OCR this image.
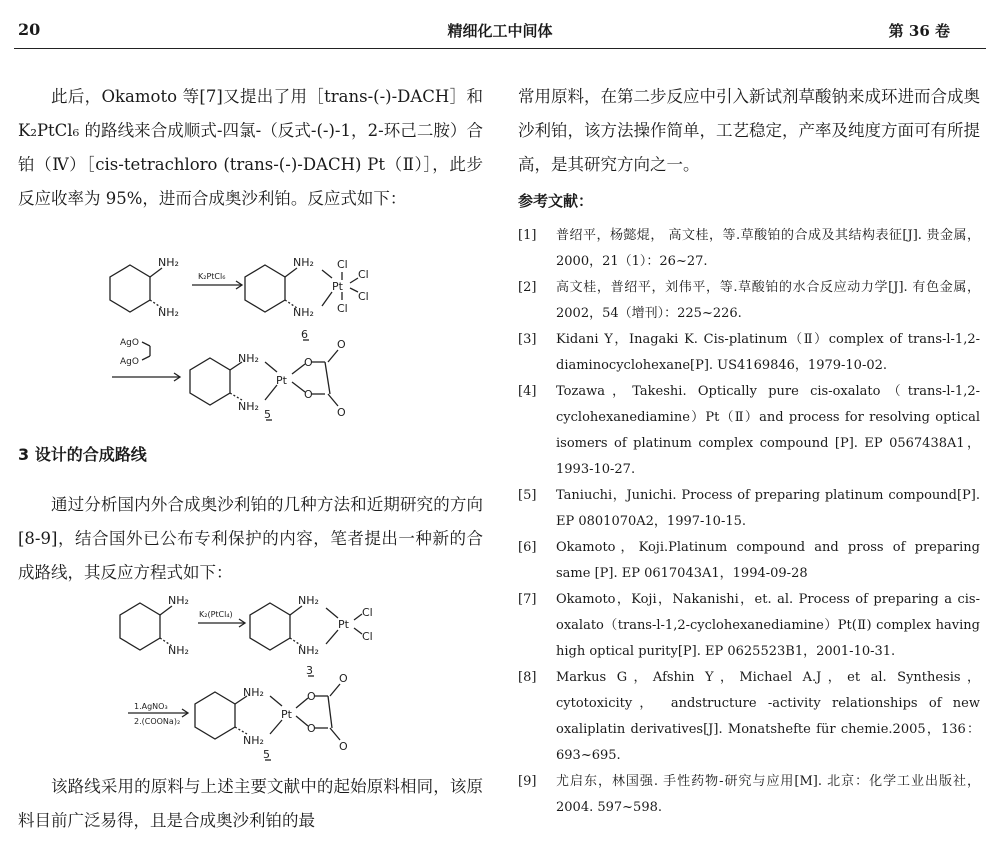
20	精细化工中间体	第 36 卷

此后，Okamoto 等[7]又提出了用［trans-(-)-DACH］和 K₂PtCl₆ 的路线来合成顺式-四氯-（反式-(-)-1，2-环己二胺）合铂（Ⅳ）［cis-tetrachloro (trans-(-)-DACH) Pt（Ⅱ）］，此步反应收率为 95%，进而合成奥沙利铂。反应式如下：

NH₂
NH₂
K₂PtCl₆
NH₂
NH₂
Pt
Cl
Cl
Cl
Cl
6
AgO
AgO	NH₂
NH₂
Pt
O
O
O
O
5
3 设计的合成路线

通过分析国内外合成奥沙利铂的几种方法和近期研究的方向 [8-9]，结合国外已公布专利保护的内容，笔者提出一种新的合成路线，其反应方程式如下：

NH₂
NH₂
K₂(PtCl₄)
NH₂
NH₂
Pt
Cl
Cl
3
1.AgNO₃
2.(COONa)₂
NH₂
NH₂
Pt
O
O
O
O
5

该路线采用的原料与上述主要文献中的起始原料相同，该原料目前广泛易得，且是合成奥沙利铂的最

常用原料，在第二步反应中引入新试剂草酸钠来成环进而合成奥沙利铂，该方法操作简单，工艺稳定，产率及纯度方面可有所提高，是其研究方向之一。

参考文献：
[1]	普绍平，杨懿焜， 高文桂，等.草酸铂的合成及其结构表征[J]. 贵金属，2000，21（1）：26~27.
[2]	高文桂，普绍平，刘伟平，等.草酸铂的水合反应动力学[J]. 有色金属，2002，54（增刊）：225~226.
[3]	Kidani Y，Inagaki K. Cis-platinum（Ⅱ）complex of trans-l-1,2-diaminocyclohexane[P]. US4169846，1979-10-02.
[4]	Tozawa，Takeshi. Optically pure cis-oxalato（trans-l-1,2-cyclohexanediamine）Pt（Ⅱ）and process for resolving optical isomers of platinum complex compound [P]. EP 0567438A1，1993-10-27.
[5]	Taniuchi，Junichi. Process of preparing platinum compound[P]. EP 0801070A2，1997-10-15.
[6]	Okamoto，Koji.Platinum compound and pross of preparing same [P]. EP 0617043A1，1994-09-28
[7]	Okamoto，Koji，Nakanishi，et. al. Process of preparing a cis-oxalato（trans-l-1,2-cyclohexanediamine）Pt(Ⅱ) complex having high optical purity[P]. EP 0625523B1，2001-10-31.
[8]	Markus G，Afshin Y，Michael A.J，et al. Synthesis，cytotoxicity， andstructure -activity relationships of new oxaliplatin derivatives[J]. Monatshefte für chemie.2005，136：693~695.
[9]	尤启东，林国强. 手性药物-研究与应用[M]. 北京：化学工业出版社，2004. 597~598.
